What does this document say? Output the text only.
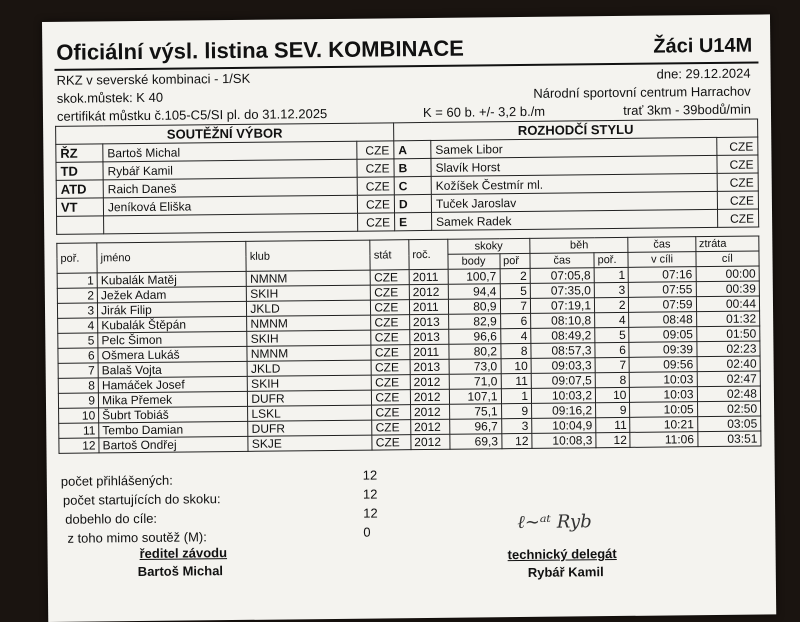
Oficiální výsl. listina SEV. KOMBINACE	Žáci U14M
RKZ v severské kombinaci - 1/SK	dne: 29.12.2024
skok.můstek: K 40	Národní sportovní centrum Harrachov
certifikát můstku č.105-C5/SI pl. do 31.12.2025	K = 60 b. +/- 3,2 b./m	trať 3km - 39bodů/min
SOUTĚŽNÍ VÝBOR			ROZHODČÍ STYLU		
ŘZ	Bartoš Michal	CZE	A	Samek Libor	CZE
TD	Rybář Kamil	CZE	B	Slavík Horst	CZE
ATD	Raich Daneš	CZE	C	Kožíšek Čestmír ml.	CZE
VT	Jeníková Eliška	CZE	D	Tuček Jaroslav	CZE
		CZE	E	Samek Radek	CZE
poř.	jméno	klub	stát	roč.	skoky		běh		čas	ztráta
					body	poř	čas	poř.	v cíli	cíl
1	Kubalák Matěj	NMNM	CZE	2011	100,7	2	07:05,8	1	07:16	00:00
2	Ježek Adam	SKIH	CZE	2012	94,4	5	07:35,0	3	07:55	00:39
3	Jirák Filip	JKLD	CZE	2011	80,9	7	07:19,1	2	07:59	00:44
4	Kubalák Štěpán	NMNM	CZE	2013	82,9	6	08:10,8	4	08:48	01:32
5	Pelc Šimon	SKIH	CZE	2013	96,6	4	08:49,2	5	09:05	01:50
6	Ošmera Lukáš	NMNM	CZE	2011	80,2	8	08:57,3	6	09:39	02:23
7	Balaš Vojta	JKLD	CZE	2013	73,0	10	09:03,3	7	09:56	02:40
8	Hamáček Josef	SKIH	CZE	2012	71,0	11	09:07,5	8	10:03	02:47
9	Mika Přemek	DUFR	CZE	2012	107,1	1	10:03,2	10	10:03	02:48
10	Šubrt Tobiáš	LSKL	CZE	2012	75,1	9	09:16,2	9	10:05	02:50
11	Tembo Damian	DUFR	CZE	2012	96,7	3	10:04,9	11	10:21	03:05
12	Bartoš Ondřej	SKJE	CZE	2012	69,3	12	10:08,3	12	11:06	03:51
počet přihlášených:	12
počet startujících do skoku:	12
dobehlo do cíle:	12
z toho mimo soutěž (M):	0
ředitel závodu
Bartoš Michal
ℓ~ᵃᵗ Ryb
technický delegát
Rybář Kamil
